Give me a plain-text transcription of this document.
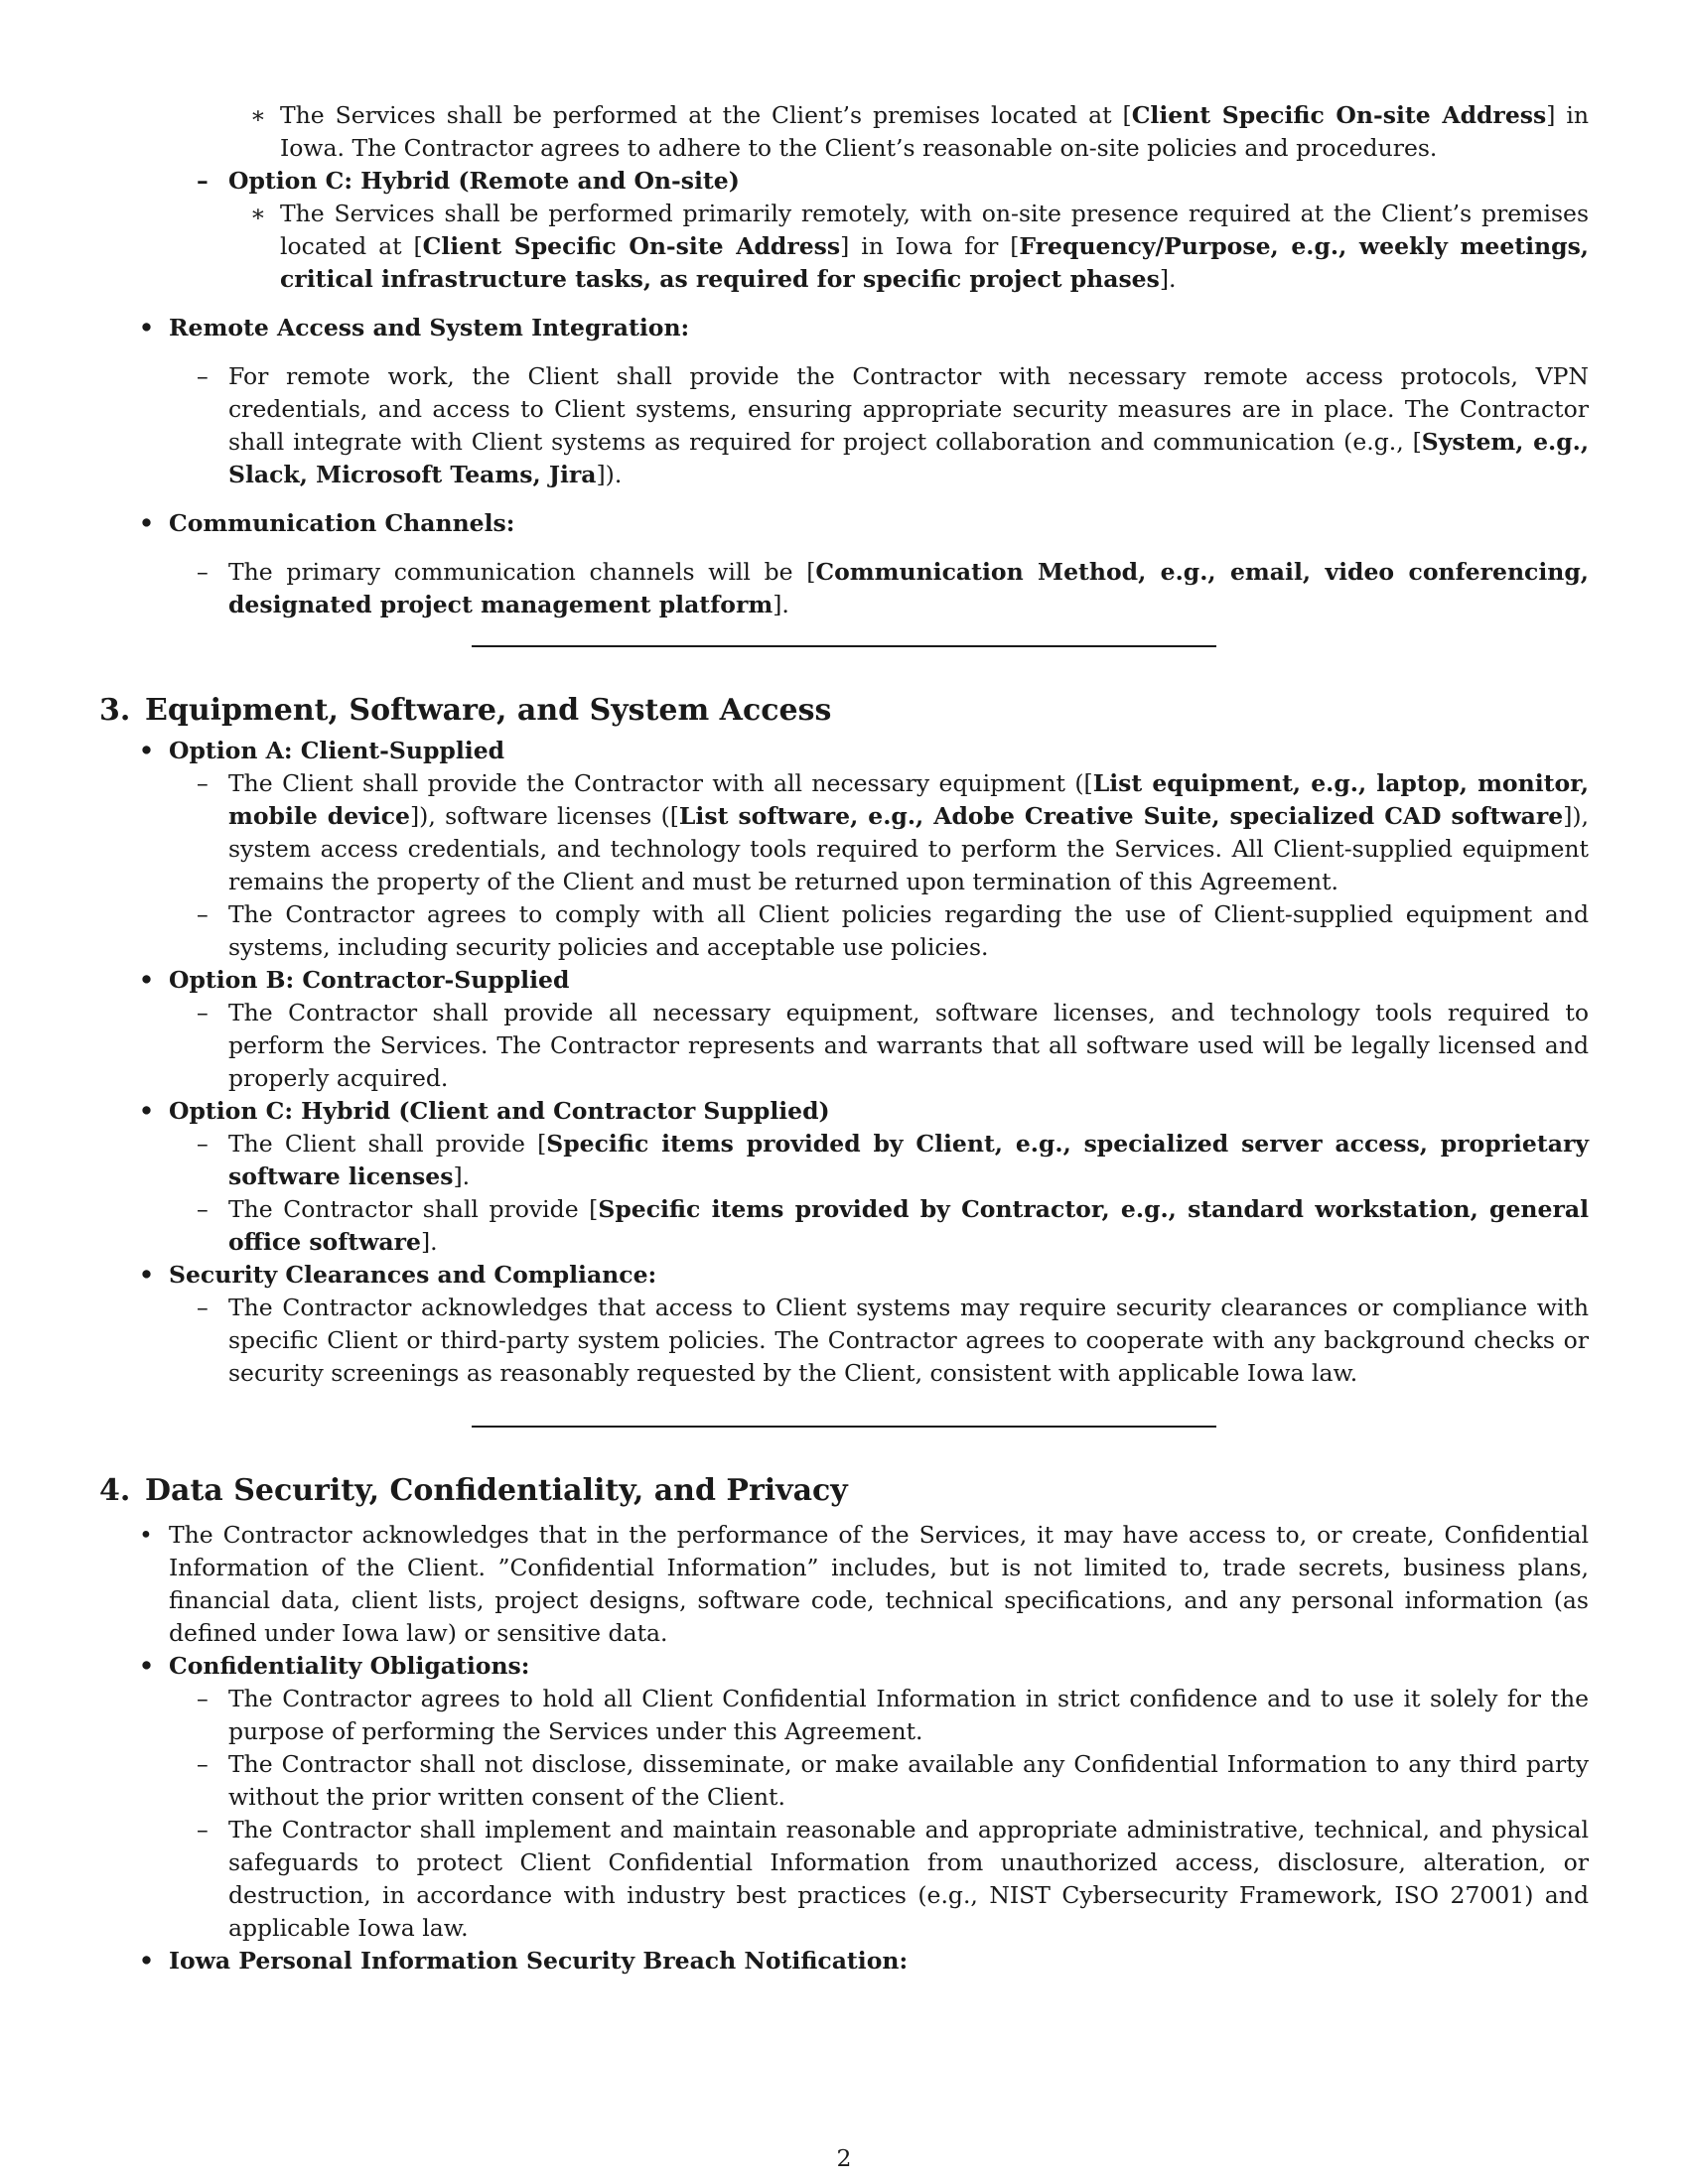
∗ The Services shall be performed at the Client’s premises located at [Client Specific On-site Address] in Iowa. The Contractor agrees to adhere to the Client’s reasonable on-site policies and procedures.
– Option C: Hybrid (Remote and On-site)
∗ The Services shall be performed primarily remotely, with on-site presence required at the Client’s premises located at [Client Specific On-site Address] in Iowa for [Frequency/Purpose, e.g., weekly meetings, critical infrastructure tasks, as required for specific project phases].
• Remote Access and System Integration:
– For remote work, the Client shall provide the Contractor with necessary remote access protocols, VPN credentials, and access to Client systems, ensuring appropriate security measures are in place. The Contractor shall integrate with Client systems as required for project collaboration and communication (e.g., [System, e.g., Slack, Microsoft Teams, Jira]).
• Communication Channels:
– The primary communication channels will be [Communication Method, e.g., email, video conferencing, designated project management platform].
3. Equipment, Software, and System Access
• Option A: Client-Supplied
– The Client shall provide the Contractor with all necessary equipment ([List equipment, e.g., laptop, monitor, mobile device]), software licenses ([List software, e.g., Adobe Creative Suite, specialized CAD software]), system access credentials, and technology tools required to perform the Services. All Client-supplied equipment remains the property of the Client and must be returned upon termination of this Agreement.
– The Contractor agrees to comply with all Client policies regarding the use of Client-supplied equipment and systems, including security policies and acceptable use policies.
• Option B: Contractor-Supplied
– The Contractor shall provide all necessary equipment, software licenses, and technology tools required to perform the Services. The Contractor represents and warrants that all software used will be legally licensed and properly acquired.
• Option C: Hybrid (Client and Contractor Supplied)
– The Client shall provide [Specific items provided by Client, e.g., specialized server access, proprietary software licenses].
– The Contractor shall provide [Specific items provided by Contractor, e.g., standard workstation, general office software].
• Security Clearances and Compliance:
– The Contractor acknowledges that access to Client systems may require security clearances or compliance with specific Client or third-party system policies. The Contractor agrees to cooperate with any background checks or security screenings as reasonably requested by the Client, consistent with applicable Iowa law.
4. Data Security, Confidentiality, and Privacy
• The Contractor acknowledges that in the performance of the Services, it may have access to, or create, Confidential Information of the Client. ”Confidential Information” includes, but is not limited to, trade secrets, business plans, financial data, client lists, project designs, software code, technical specifications, and any personal information (as defined under Iowa law) or sensitive data.
• Confidentiality Obligations:
– The Contractor agrees to hold all Client Confidential Information in strict confidence and to use it solely for the purpose of performing the Services under this Agreement.
– The Contractor shall not disclose, disseminate, or make available any Confidential Information to any third party without the prior written consent of the Client.
– The Contractor shall implement and maintain reasonable and appropriate administrative, technical, and physical safeguards to protect Client Confidential Information from unauthorized access, disclosure, alteration, or destruction, in accordance with industry best practices (e.g., NIST Cybersecurity Framework, ISO 27001) and applicable Iowa law.
• Iowa Personal Information Security Breach Notification:
2
